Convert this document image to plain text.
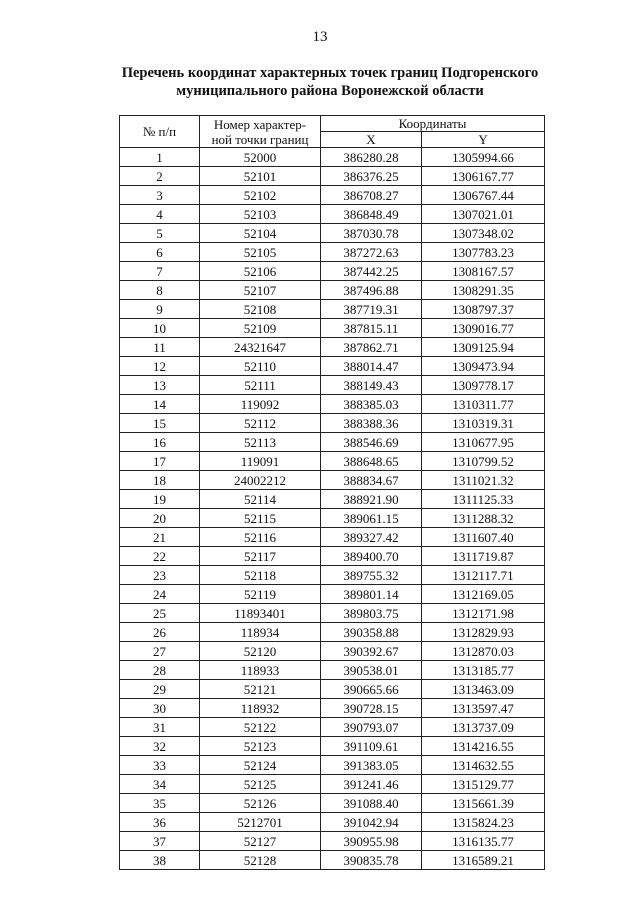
13
Перечень координат характерных точек границ Подгоренского
муниципального района Воронежской области
№ п/п	Номер характер-
ной точки границ	Координаты	
		X	Y
1	52000	386280.28	1305994.66
2	52101	386376.25	1306167.77
3	52102	386708.27	1306767.44
4	52103	386848.49	1307021.01
5	52104	387030.78	1307348.02
6	52105	387272.63	1307783.23
7	52106	387442.25	1308167.57
8	52107	387496.88	1308291.35
9	52108	387719.31	1308797.37
10	52109	387815.11	1309016.77
11	24321647	387862.71	1309125.94
12	52110	388014.47	1309473.94
13	52111	388149.43	1309778.17
14	119092	388385.03	1310311.77
15	52112	388388.36	1310319.31
16	52113	388546.69	1310677.95
17	119091	388648.65	1310799.52
18	24002212	388834.67	1311021.32
19	52114	388921.90	1311125.33
20	52115	389061.15	1311288.32
21	52116	389327.42	1311607.40
22	52117	389400.70	1311719.87
23	52118	389755.32	1312117.71
24	52119	389801.14	1312169.05
25	11893401	389803.75	1312171.98
26	118934	390358.88	1312829.93
27	52120	390392.67	1312870.03
28	118933	390538.01	1313185.77
29	52121	390665.66	1313463.09
30	118932	390728.15	1313597.47
31	52122	390793.07	1313737.09
32	52123	391109.61	1314216.55
33	52124	391383.05	1314632.55
34	52125	391241.46	1315129.77
35	52126	391088.40	1315661.39
36	5212701	391042.94	1315824.23
37	52127	390955.98	1316135.77
38	52128	390835.78	1316589.21
